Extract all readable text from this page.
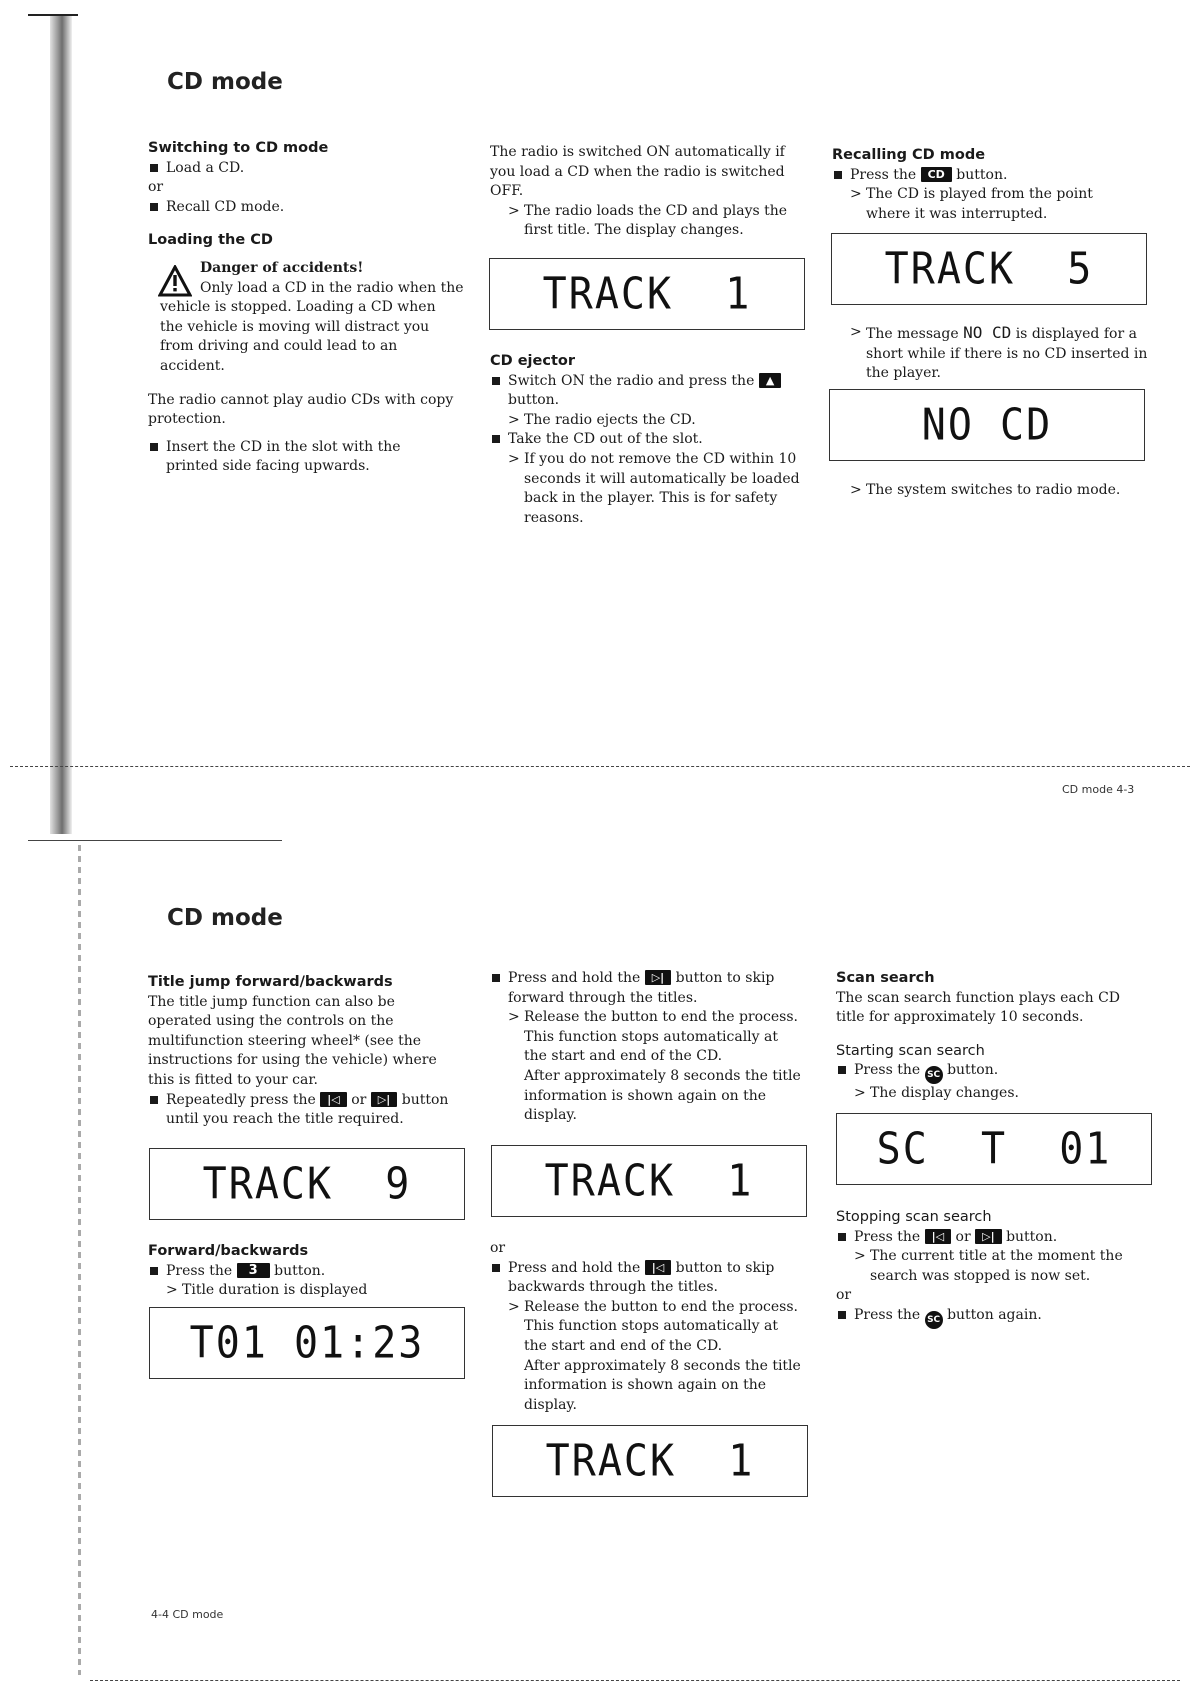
CD mode

Switching to CD mode

Load a CD.

or

Recall CD mode.

Loading the CD

Danger of accidents!

Only load a CD in the radio when the

vehicle is stopped. Loading a CD when the vehicle is moving will distract you from driving and could lead to an accident.

The radio cannot play audio CDs with copy protection.

Insert the CD in the slot with the printed side facing upwards.

The radio is switched ON automatically if you load a CD when the radio is switched OFF.

> The radio loads the CD and plays the first title. The display changes.

TRACK  1

CD ejector

Switch ON the radio and press the ▲
button.

> The radio ejects the CD.

Take the CD out of the slot.

> If you do not remove the CD within 10 seconds it will automatically be loaded back in the player. This is for safety reasons.

Recalling CD mode

Press the CD button.

> The CD is played from the point where it was interrupted.

TRACK  5

> The message NO CD is displayed for a short while if there is no CD inserted in the player.

NO CD

> The system switches to radio mode.

CD mode 4-3
CD mode

Title jump forward/backwards

The title jump function can also be operated using the controls on the multifunction steering wheel* (see the instructions for using the vehicle) where this is fitted to your car.

Repeatedly press the |◁ or ▷| button until you reach the title required.

TRACK  9

Forward/backwards

Press the 3 button.

> Title duration is displayed

T01 01:23

Press and hold the ▷| button to skip forward through the titles.

> Release the button to end the process.

This function stops automatically at the start and end of the CD.

After approximately 8 seconds the title information is shown again on the display.

TRACK  1

or

Press and hold the |◁ button to skip backwards through the titles.

> Release the button to end the process.

This function stops automatically at the start and end of the CD.

After approximately 8 seconds the title information is shown again on the display.

TRACK  1

Scan search

The scan search function plays each CD title for approximately 10 seconds.

Starting scan search

Press the SC button.

> The display changes.

SC  T  01

Stopping scan search

Press the |◁ or ▷| button.

> The current title at the moment the search was stopped is now set.

or

Press the SC button again.

4-4 CD mode
